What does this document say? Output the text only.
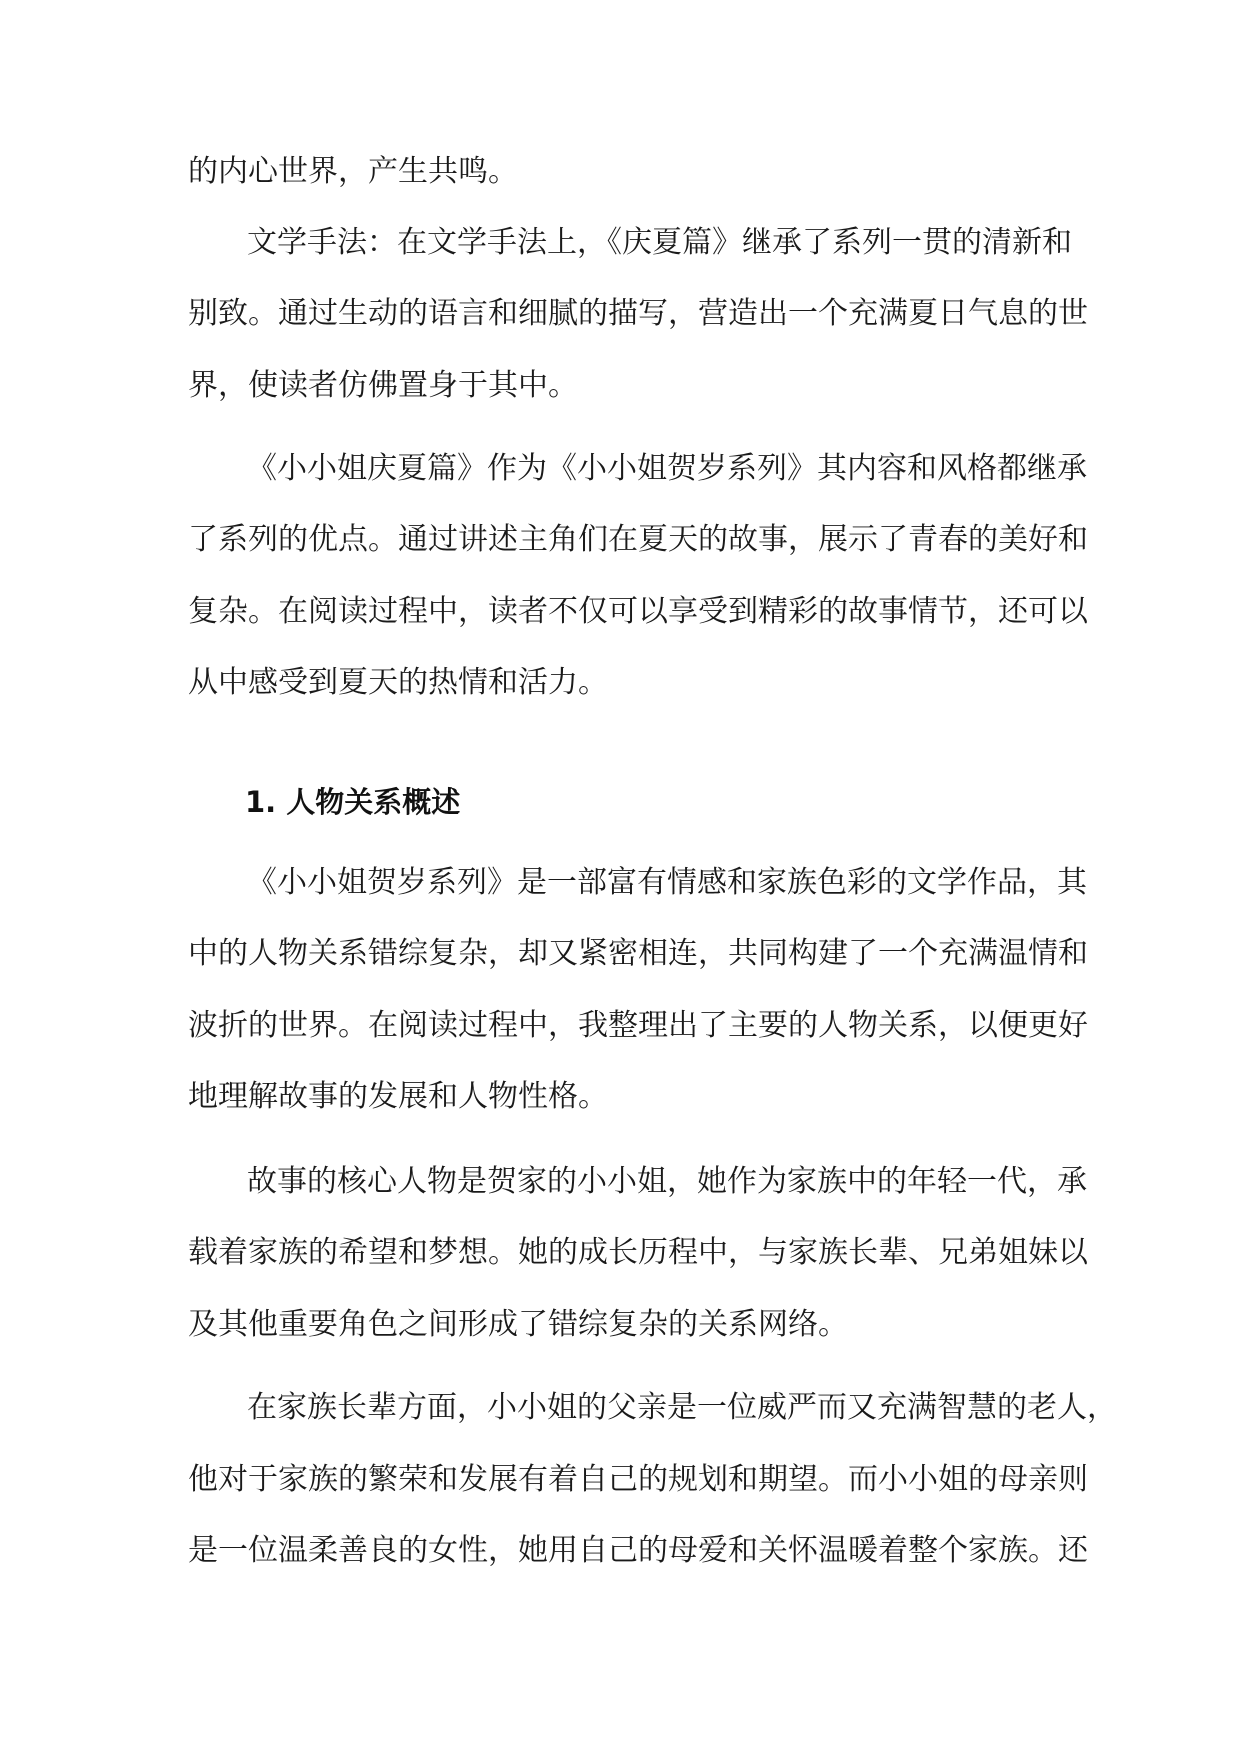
的内心世界，产生共鸣。
文学手法：在文学手法上，《庆夏篇》继承了系列一贯的清新和
别致。通过生动的语言和细腻的描写，营造出一个充满夏日气息的世
界，使读者仿佛置身于其中。
《小小姐庆夏篇》作为《小小姐贺岁系列》其内容和风格都继承
了系列的优点。通过讲述主角们在夏天的故事，展示了青春的美好和
复杂。在阅读过程中，读者不仅可以享受到精彩的故事情节，还可以
从中感受到夏天的热情和活力。
1. 人物关系概述
《小小姐贺岁系列》是一部富有情感和家族色彩的文学作品，其
中的人物关系错综复杂，却又紧密相连，共同构建了一个充满温情和
波折的世界。在阅读过程中，我整理出了主要的人物关系，以便更好
地理解故事的发展和人物性格。
故事的核心人物是贺家的小小姐，她作为家族中的年轻一代，承
载着家族的希望和梦想。她的成长历程中，与家族长辈、兄弟姐妹以
及其他重要角色之间形成了错综复杂的关系网络。
在家族长辈方面，小小姐的父亲是一位威严而又充满智慧的老人，
他对于家族的繁荣和发展有着自己的规划和期望。而小小姐的母亲则
是一位温柔善良的女性，她用自己的母爱和关怀温暖着整个家族。还
